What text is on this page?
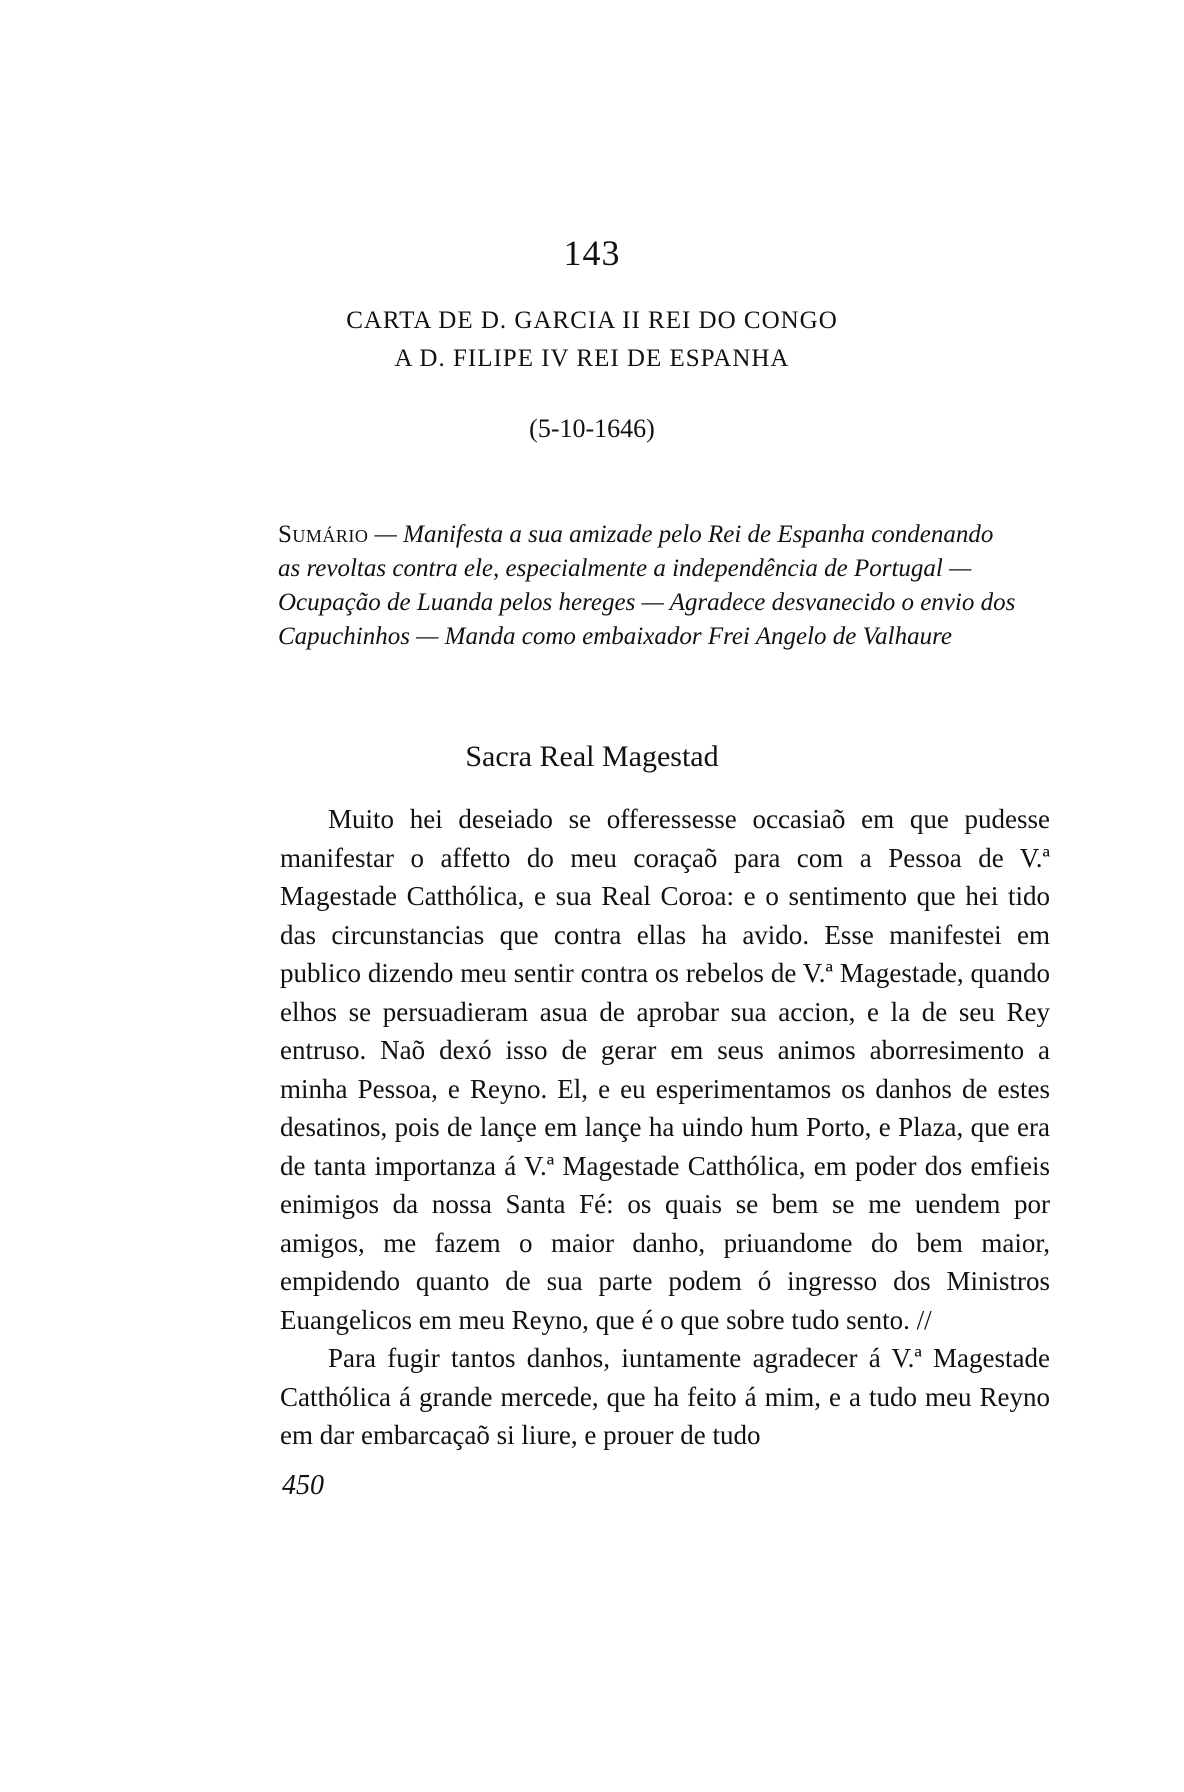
143
CARTA DE D. GARCIA II REI DO CONGO
A D. FILIPE IV REI DE ESPANHA
(5-10-1646)
Sumário — Manifesta a sua amizade pelo Rei de Espanha condenando as revoltas contra ele, especialmente a independência de Portugal — Ocupação de Luanda pelos hereges — Agradece desvanecido o envio dos Capuchinhos — Manda como embaixador Frei Angelo de Valhaure
Sacra Real Magestad

Muito hei deseiado se offeressesse occasiaõ em que pudesse manifestar o affetto do meu coraçaõ para com a Pessoa de V.ª Magestade Catthólica, e sua Real Coroa: e o sentimento que hei tido das circunstancias que contra ellas ha avido. Esse manifestei em publico dizendo meu sentir contra os rebelos de V.ª Magestade, quando elhos se persuadieram asua de aprobar sua accion, e la de seu Rey entruso. Naõ dexó isso de gerar em seus animos aborresimento a minha Pessoa, e Reyno. El, e eu esperimentamos os danhos de estes desatinos, pois de lançe em lançe ha uindo hum Porto, e Plaza, que era de tanta importanza á V.ª Magestade Catthólica, em poder dos emfieis enimigos da nossa Santa Fé: os quais se bem se me uendem por amigos, me fazem o maior danho, priuandome do bem maior, empidendo quanto de sua parte podem ó ingresso dos Ministros Euangelicos em meu Reyno, que é o que sobre tudo sento. //

Para fugir tantos danhos, iuntamente agradecer á V.ª Magestade Catthólica á grande mercede, que ha feito á mim, e a tudo meu Reyno em dar embarcaçaõ si liure, e prouer de tudo

450
